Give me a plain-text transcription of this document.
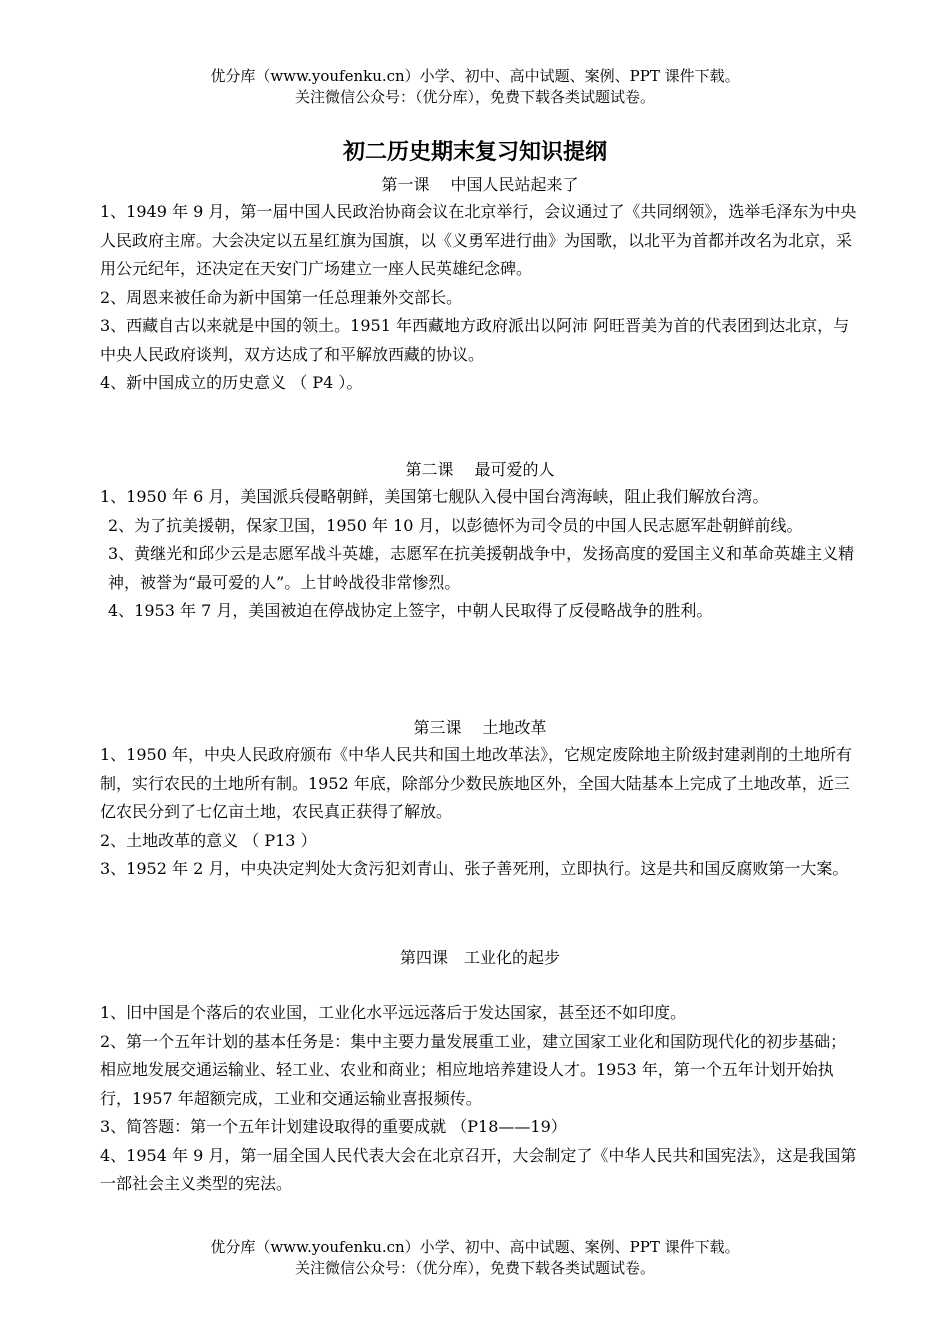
优分库（www.youfenku.cn）小学、初中、高中试题、案例、PPT 课件下载。
关注微信公众号：（优分库），免费下载各类试题试卷。
初二历史期末复习知识提纲

第一课　 中国人民站起来了

1、1949 年 9 月，第一届中国人民政治协商会议在北京举行，会议通过了《共同纲领》，选举毛泽东为中央人民政府主席。大会决定以五星红旗为国旗，以《义勇军进行曲》为国歌，以北平为首都并改名为北京，采用公元纪年，还决定在天安门广场建立一座人民英雄纪念碑。

2、周恩来被任命为新中国第一任总理兼外交部长。

3、西藏自古以来就是中国的领土。1951 年西藏地方政府派出以阿沛 阿旺晋美为首的代表团到达北京，与中央人民政府谈判，双方达成了和平解放西藏的协议。

4、新中国成立的历史意义 （ P4 ）。

第二课　 最可爱的人

1、1950 年 6 月，美国派兵侵略朝鲜，美国第七舰队入侵中国台湾海峡，阻止我们解放台湾。

2、为了抗美援朝，保家卫国，1950 年 10 月，以彭德怀为司令员的中国人民志愿军赴朝鲜前线。

3、黄继光和邱少云是志愿军战斗英雄，志愿军在抗美援朝战争中，发扬高度的爱国主义和革命英雄主义精神，被誉为“最可爱的人”。上甘岭战役非常惨烈。

4、1953 年 7 月，美国被迫在停战协定上签字，中朝人民取得了反侵略战争的胜利。

第三课　 土地改革

1、1950 年，中央人民政府颁布《中华人民共和国土地改革法》，它规定废除地主阶级封建剥削的土地所有制，实行农民的土地所有制。1952 年底，除部分少数民族地区外，全国大陆基本上完成了土地改革，近三亿农民分到了七亿亩土地，农民真正获得了解放。

2、土地改革的意义 （ P13 ）

3、1952 年 2 月，中央决定判处大贪污犯刘青山、张子善死刑，立即执行。这是共和国反腐败第一大案。

第四课　工业化的起步

1、旧中国是个落后的农业国，工业化水平远远落后于发达国家，甚至还不如印度。

2、第一个五年计划的基本任务是：集中主要力量发展重工业，建立国家工业化和国防现代化的初步基础；相应地发展交通运输业、轻工业、农业和商业；相应地培养建设人才。1953 年，第一个五年计划开始执行，1957 年超额完成，工业和交通运输业喜报频传。

3、简答题：第一个五年计划建设取得的重要成就 （P18——19）

4、1954 年 9 月，第一届全国人民代表大会在北京召开，大会制定了《中华人民共和国宪法》，这是我国第一部社会主义类型的宪法。

优分库（www.youfenku.cn）小学、初中、高中试题、案例、PPT 课件下载。
关注微信公众号：（优分库），免费下载各类试题试卷。
